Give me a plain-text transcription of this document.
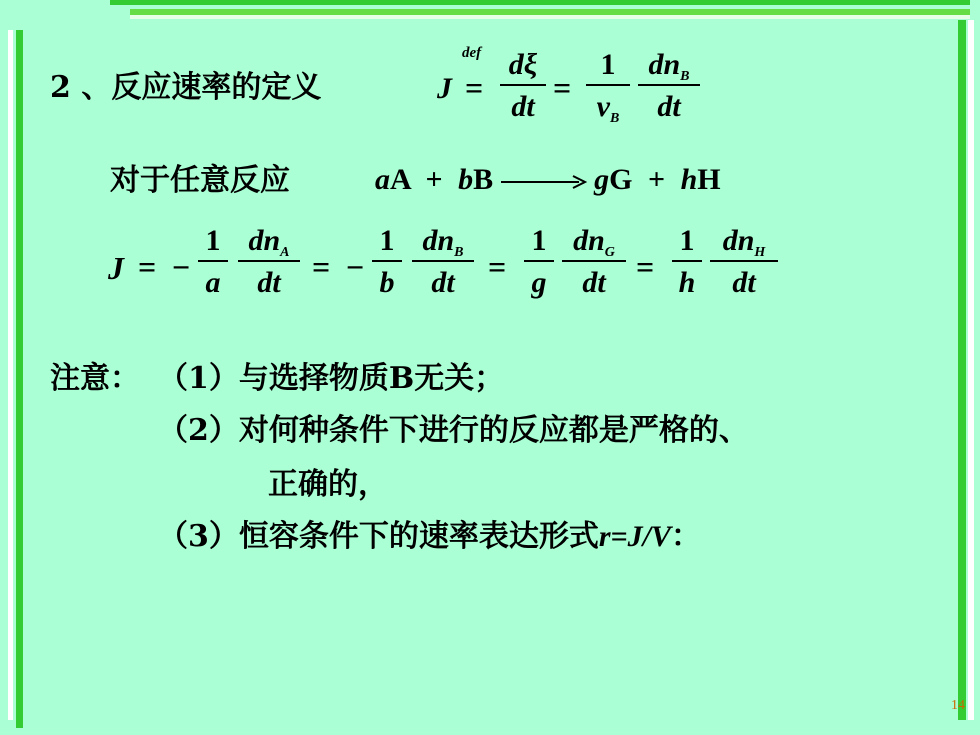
2 、反应速率的定义	J
def
=
dξ
dt
=
1
$\nu_B$
$dn_B$
dt
对于任意反应	aA + bB → gG + hH
J = −
1
a
$dn_A$
dt = −
1
b
$dn_B$
dt	=
1
g
$dn_G$
dt =
1
h
$dn_H$
dt
注意： （1）与选择物质B无关；
（2）对何种条件下进行的反应都是严格的、
正确的，
（3）恒容条件下的速率表达形式r=J/V：
14
